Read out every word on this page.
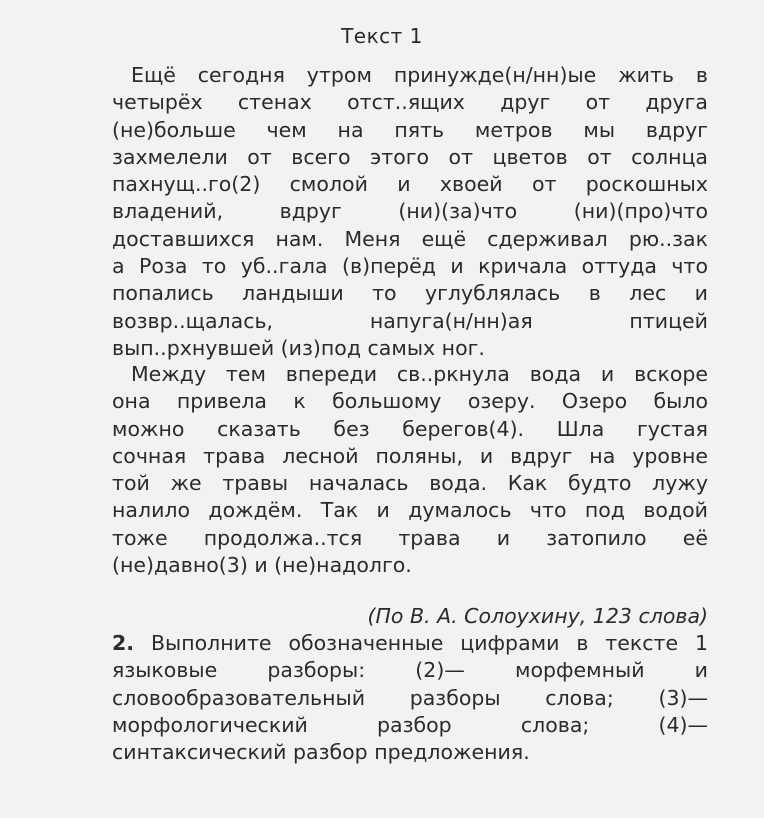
Текст 1
Ещё сегодня утром принужде(н/нн)ые жить в
четырёх стенах отст..ящих друг от друга
(не)больше чем на пять метров мы вдруг
захмелели от всего этого от цветов от солнца
пахнущ..го(2) смолой и хвоей от роскошных
владений, вдруг (ни)(за)что (ни)(про)что
доставшихся нам. Меня ещё сдерживал рю..зак
а Роза то уб..гала (в)перёд и кричала оттуда что
попались ландыши то углублялась в лес и
возвр..щалась, напуга(н/нн)ая птицей
вып..рхнувшей (из)под самых ног.
Между тем впереди св..ркнула вода и вскоре
она привела к большому озеру. Озеро было
можно сказать без берегов(4). Шла густая
сочная трава лесной поляны, и вдруг на уровне
той же травы началась вода. Как будто лужу
налило дождём. Так и думалось что под водой
тоже продолжа..тся трава и затопило её
(не)давно(3) и (не)надолго.
(По В. А. Солоухину, 123 слова)
2. Выполните обозначенные цифрами в тексте 1
языковые разборы: (2)— морфемный и
словообразовательный разборы слова; (3)—
морфологический разбор слова; (4)—
синтаксический разбор предложения.
